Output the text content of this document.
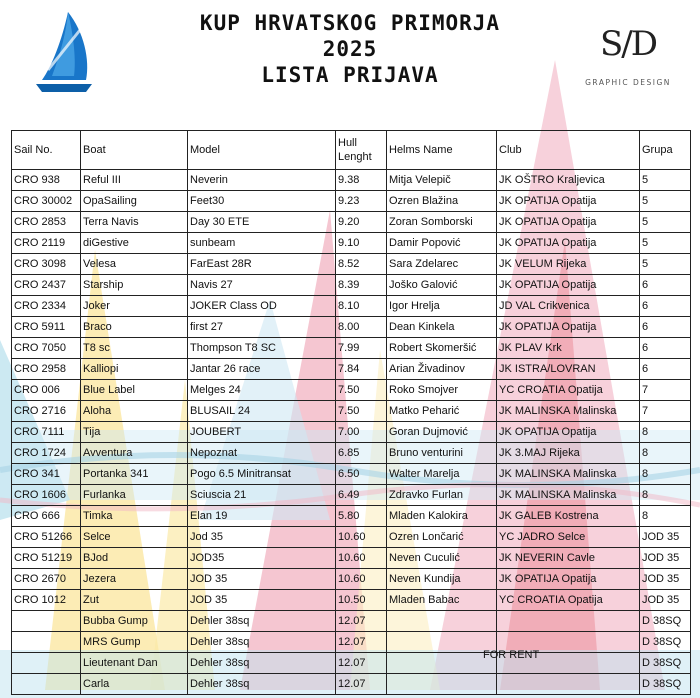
KUP HRVATSKOG PRIMORJA
2025
LISTA PRIJAVA
S/D
GRAPHIC DESIGN
Sail No.	Boat	Model	Hull Lenght	Helms Name	Club	Grupa
CRO 938	Reful III	Neverin	9.38	Mitja Velepič	JK OŠTRO Kraljevica	5
CRO 30002	OpaSailing	Feet30	9.23	Ozren Blažina	JK OPATIJA Opatija	5
CRO 2853	Terra Navis	Day 30 ETE	9.20	Zoran Somborski	JK OPATIJA Opatija	5
CRO 2119	diGestive	sunbeam	9.10	Damir Popović	JK OPATIJA Opatija	5
CRO 3098	Velesa	FarEast 28R	8.52	Sara Zdelarec	JK VELUM Rijeka	5
CRO 2437	Starship	Navis 27	8.39	Joško Galović	JK OPATIJA Opatija	6
CRO 2334	Joker	JOKER Class OD	8.10	Igor Hrelja	JD VAL Crikvenica	6
CRO 5911	Braco	first 27	8.00	Dean Kinkela	JK OPATIJA Opatija	6
CRO 7050	T8 sc	Thompson T8 SC	7.99	Robert Skomeršić	JK PLAV Krk	6
CRO 2958	Kalliopi	Jantar 26 race	7.84	Arian Živadinov	JK ISTRA/LOVRAN	6
CRO 006	Blue Label	Melges 24	7.50	Roko Smojver	YC CROATIA Opatija	7
CRO 2716	Aloha	BLUSAIL 24	7.50	Matko Peharić	JK MALINSKA Malinska	7
CRO 7111	Tija	JOUBERT	7.00	Goran Dujmović	JK OPATIJA Opatija	8
CRO 1724	Avventura	Nepoznat	6.85	Bruno venturini	JK 3.MAJ Rijeka	8
CRO 341	Portanka 341	Pogo 6.5 Minitransat	6.50	Walter Marelja	JK MALINSKA Malinska	8
CRO 1606	Furlanka	Sciuscia 21	6.49	Zdravko Furlan	JK MALINSKA Malinska	8
CRO 666	Timka	Elan 19	5.80	Mladen Kalokira	JK GALEB Kostrena	8
CRO 51266	Selce	Jod 35	10.60	Ozren Lončarić	YC JADRO Selce	JOD 35
CRO 51219	BJod	JOD35	10.60	Neven Cuculić	JK NEVERIN Cavle	JOD 35
CRO 2670	Jezera	JOD 35	10.60	Neven Kundija	JK OPATIJA Opatija	JOD 35
CRO 1012	Zut	JOD 35	10.50	Mladen Babac	YC CROATIA Opatija	JOD 35
	Bubba Gump	Dehler 38sq	12.07			D 38SQ
	MRS Gump	Dehler 38sq	12.07			D 38SQ
	Lieutenant Dan	Dehler 38sq	12.07			D 38SQ
	Carla	Dehler 38sq	12.07			D 38SQ
FOR RENT
